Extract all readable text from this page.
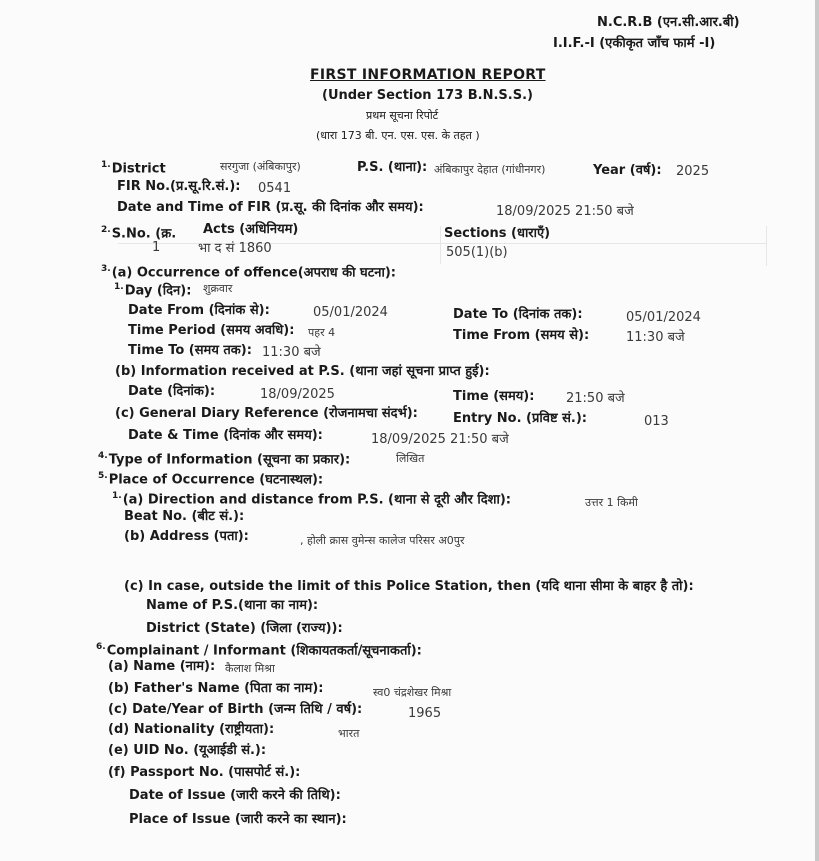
N.C.R.B (एन.सी.आर.बी)
I.I.F.-I (एकीकृत जाँच फार्म -I)
FIRST INFORMATION REPORT
(Under Section 173 B.N.S.S.)
प्रथम सूचना रिपोर्ट
(धारा 173 बी. एन. एस. एस. के तहत )
$^{1.}$District	सरगुजा (अंबिकापुर)	P.S. (थाना): अंबिकापुर देहात (गांधीनगर)	Year (वर्ष): 2025
FIR No.(प्र.सू.रि.सं.): 0541
Date and Time of FIR (प्र.सू. की दिनांक और समय):	18/09/2025 21:50 बजे
$^{2.}$S.No. (क्र. Acts (अधिनियम)	Sections (धाराएँ)
1	भा द सं 1860	505(1)(b)
$^{3.}$(a) Occurrence of offence(अपराध की घटना):
$^{1.}$Day (दिन): शुक्रवार
Date From (दिनांक से):	05/01/2024	Date To (दिनांक तक):	05/01/2024
Time Period (समय अवधि): पहर 4	Time From (समय से):	11:30 बजे
Time To (समय तक): 11:30 बजे
(b) Information received at P.S. (थाना जहां सूचना प्राप्त हुई):
Date (दिनांक):	18/09/2025	Time (समय): 21:50 बजे
(c) General Diary Reference (रोजनामचा संदर्भ):	Entry No. (प्रविष्ट सं.):	013
Date & Time (दिनांक और समय):	18/09/2025 21:50 बजे
$^{4.}$Type of Information (सूचना का प्रकार):	लिखित
$^{5.}$Place of Occurrence (घटनास्थल):
$^{1.}$(a) Direction and distance from P.S. (थाना से दूरी और दिशा):	उत्तर 1 किमी
Beat No. (बीट सं.):
(b) Address (पता):	, होली क्रास वुमेन्स कालेज परिसर अ0पुर
(c) In case, outside the limit of this Police Station, then (यदि थाना सीमा के बाहर है तो):
Name of P.S.(थाना का नाम):
District (State) (जिला (राज्य)):
$^{6.}$Complainant / Informant (शिकायतकर्ता/सूचनाकर्ता):
(a) Name (नाम): कैलाश मिश्रा
(b) Father's Name (पिता का नाम):	स्व0 चंद्रशेखर मिश्रा
(c) Date/Year of Birth (जन्म तिथि / वर्ष):	1965
(d) Nationality (राष्ट्रीयता):	भारत
(e) UID No. (यूआईडी सं.):
(f) Passport No. (पासपोर्ट सं.):
Date of Issue (जारी करने की तिथि):
Place of Issue (जारी करने का स्थान):
